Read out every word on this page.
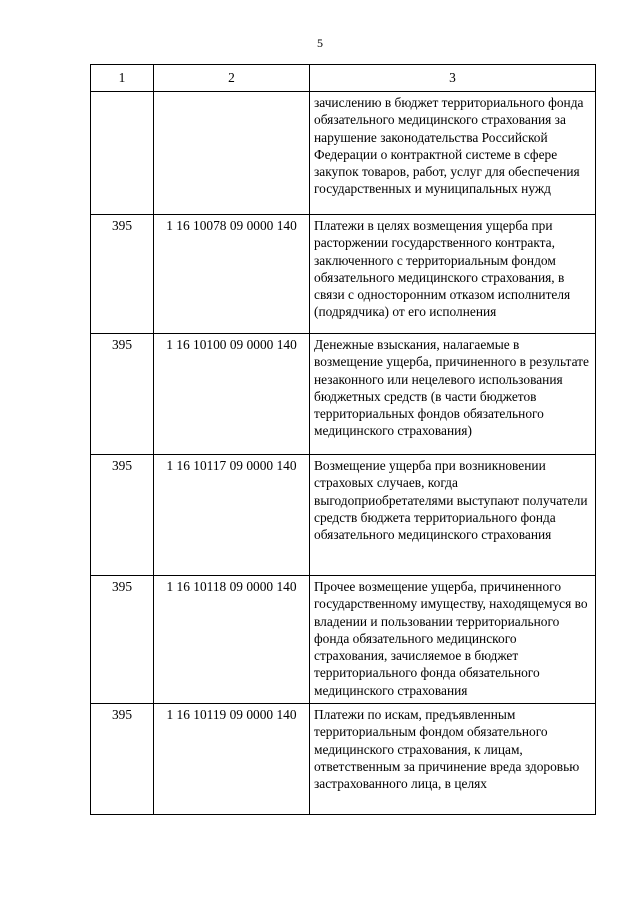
5
1	2	3
		зачислению в бюджет территориального фонда обязательного медицинского страхования за нарушение законодательства Российской Федерации о контрактной системе в сфере закупок товаров, работ, услуг для обеспечения государственных и муниципальных нужд
395	1 16 10078 09 0000 140	Платежи в целях возмещения ущерба при расторжении государственного контракта, заключенного с территориальным фондом обязательного медицинского страхования, в связи с односторонним отказом исполнителя (подрядчика) от его исполнения
395	1 16 10100 09 0000 140	Денежные взыскания, налагаемые в возмещение ущерба, причиненного в результате незаконного или нецелевого использования бюджетных средств (в части бюджетов территориальных фондов обязательного медицинского страхования)
395	1 16 10117 09 0000 140	Возмещение ущерба при возникновении страховых случаев, когда выгодоприобретателями выступают получатели средств бюджета территориального фонда обязательного медицинского страхования
395	1 16 10118 09 0000 140	Прочее возмещение ущерба, причиненного государственному имуществу, находящемуся во владении и пользовании территориального фонда обязательного медицинского страхования, зачисляемое в бюджет территориального фонда обязательного медицинского страхования
395	1 16 10119 09 0000 140	Платежи по искам, предъявленным территориальным фондом обязательного медицинского страхования, к лицам, ответственным за причинение вреда здоровью застрахованного лица, в целях
